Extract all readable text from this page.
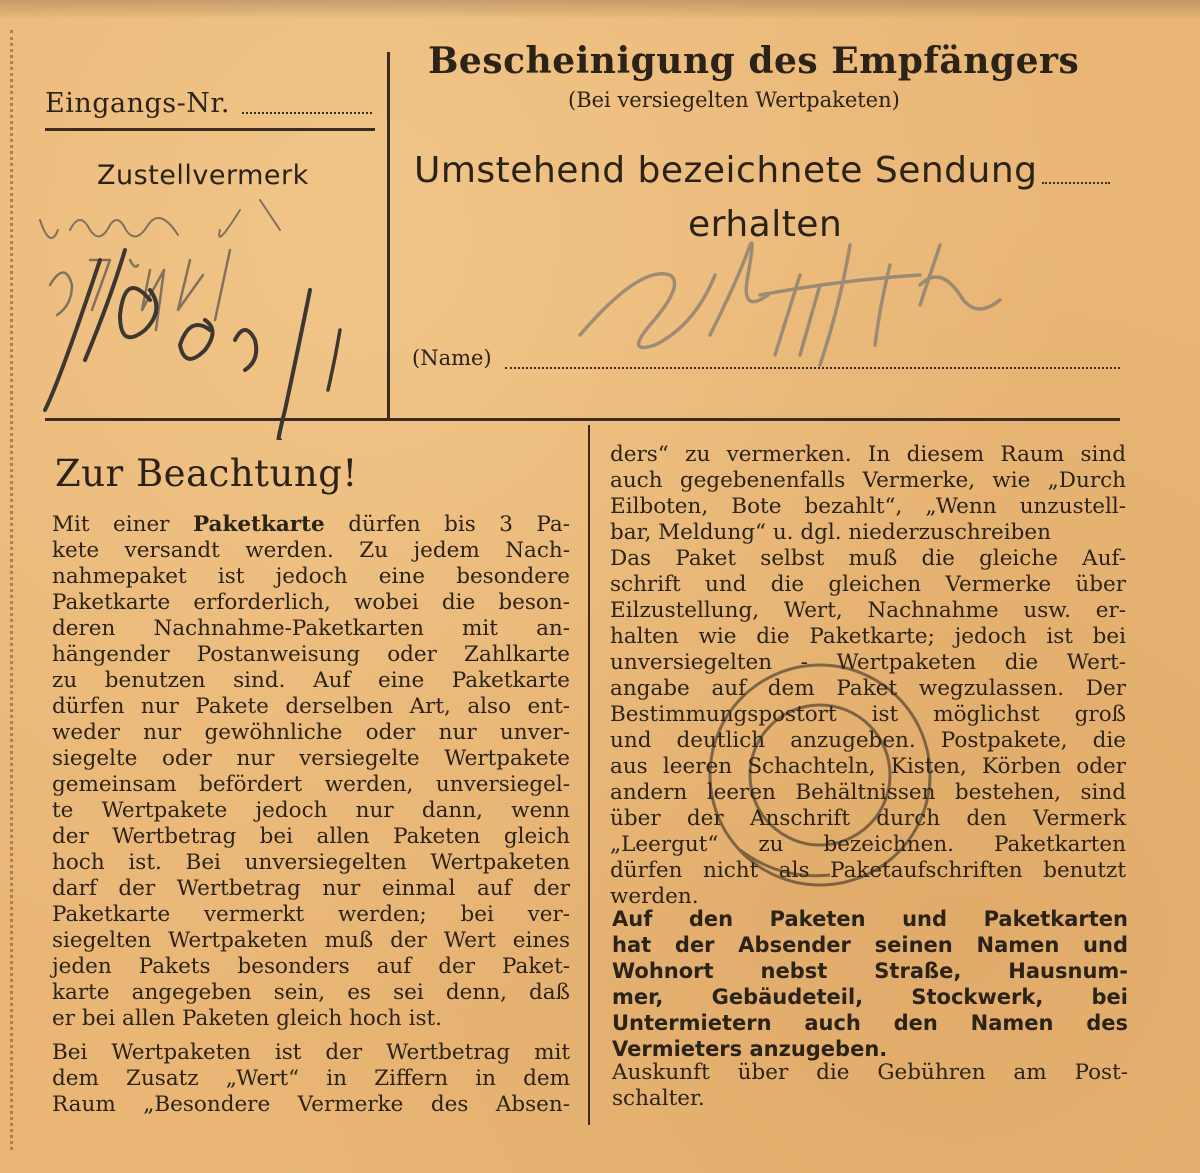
Eingangs-Nr.
Zustellvermerk
Bescheinigung des Empfängers
(Bei versiegelten Wertpaketen)
Umstehend bezeichnete Sendung
erhalten
(Name)
Zur Beachtung!
Mit einer Paketkarte dürfen bis 3 Pa-
kete versandt werden. Zu jedem Nach-
nahmepaket ist jedoch eine besondere
Paketkarte erforderlich, wobei die beson-
deren Nachnahme-Paketkarten mit an-
hängender Postanweisung oder Zahlkarte
zu benutzen sind. Auf eine Paketkarte
dürfen nur Pakete derselben Art, also ent-
weder nur gewöhnliche oder nur unver-
siegelte oder nur versiegelte Wertpakete
gemeinsam befördert werden, unversiegel-
te Wertpakete jedoch nur dann, wenn
der Wertbetrag bei allen Paketen gleich
hoch ist. Bei unversiegelten Wertpaketen
darf der Wertbetrag nur einmal auf der
Paketkarte vermerkt werden; bei ver-
siegelten Wertpaketen muß der Wert eines
jeden Pakets besonders auf der Paket-
karte angegeben sein, es sei denn, daß
er bei allen Paketen gleich hoch ist.
Bei Wertpaketen ist der Wertbetrag mit
dem Zusatz „Wert“ in Ziffern in dem
Raum „Besondere Vermerke des Absen-
ders“ zu vermerken. In diesem Raum sind
auch gegebenenfalls Vermerke, wie „Durch
Eilboten, Bote bezahlt“, „Wenn unzustell-
bar, Meldung“ u. dgl. niederzuschreiben
Das Paket selbst muß die gleiche Auf-
schrift und die gleichen Vermerke über
Eilzustellung, Wert, Nachnahme usw. er-
halten wie die Paketkarte; jedoch ist bei
unversiegelten - Wertpaketen die Wert-
angabe auf dem Paket wegzulassen. Der
Bestimmungspostort ist möglichst groß
und deutlich anzugeben. Postpakete, die
aus leeren Schachteln, Kisten, Körben oder
andern leeren Behältnissen bestehen, sind
über der Anschrift durch den Vermerk
„Leergut“ zu bezeichnen. Paketkarten
dürfen nicht als Paketaufschriften benutzt
werden.
Auf den Paketen und Paketkarten
hat der Absender seinen Namen und
Wohnort nebst Straße, Hausnum-
mer, Gebäudeteil, Stockwerk, bei
Untermietern auch den Namen des
Vermieters anzugeben.
Auskunft über die Gebühren am Post-
schalter.
